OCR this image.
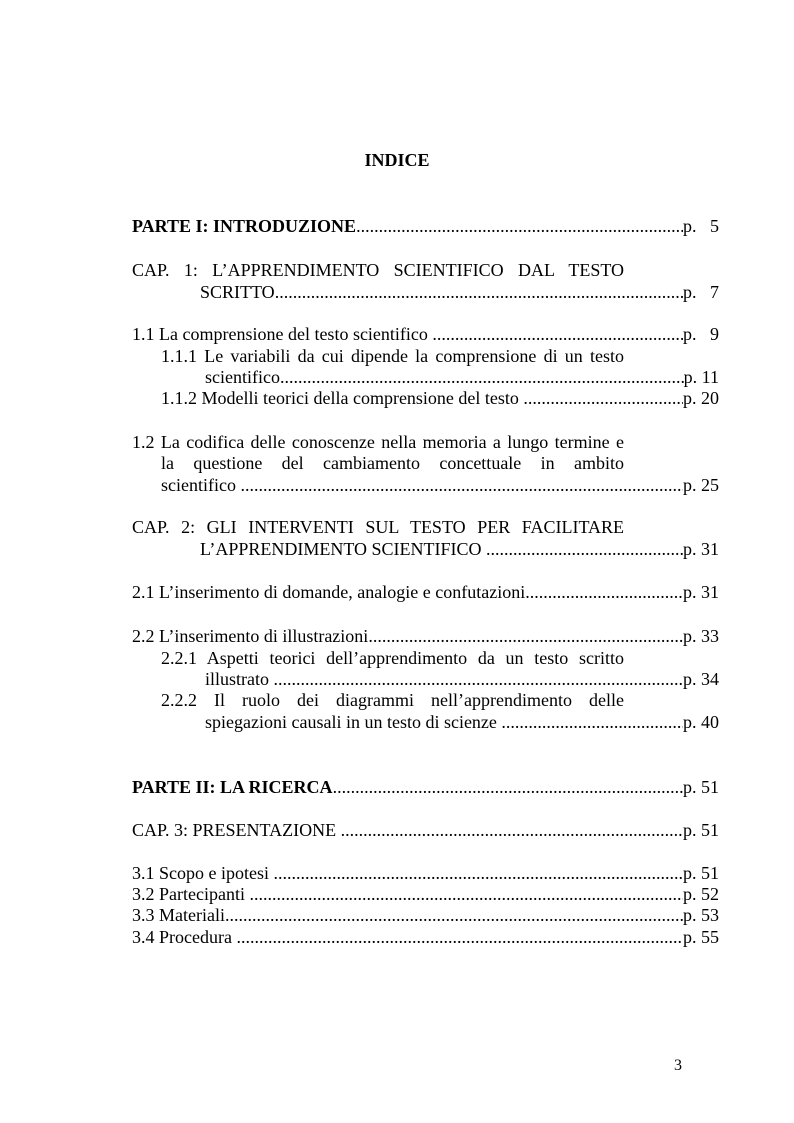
INDICE
PARTE I: INTRODUZIONE .....	p.   5
CAP. 1: L’APPRENDIMENTO SCIENTIFICO DAL TESTO
SCRITTO .....	p.   7
1.1 La comprensione del testo scientifico .....	p.   9
1.1.1 Le variabili da cui dipende la comprensione di un testo
scientifico .....	p. 11
1.1.2 Modelli teorici della comprensione del testo .....	p. 20
1.2 La codifica delle conoscenze nella memoria a lungo termine e
la questione del cambiamento concettuale in ambito
scientifico .....	p. 25
CAP. 2: GLI INTERVENTI SUL TESTO PER FACILITARE
L’APPRENDIMENTO SCIENTIFICO .....	p. 31
2.1 L’inserimento di domande, analogie e confutazioni .....	p. 31
2.2 L’inserimento di illustrazioni .....	p. 33
2.2.1 Aspetti teorici dell’apprendimento da un testo scritto
illustrato .....	p. 34
2.2.2 Il ruolo dei diagrammi nell’apprendimento delle
spiegazioni causali in un testo di scienze .....	p. 40
PARTE II: LA RICERCA .....	p. 51
CAP. 3: PRESENTAZIONE .....	p. 51
3.1 Scopo e ipotesi .....	p. 51
3.2 Partecipanti .....	p. 52
3.3 Materiali .....	p. 53
3.4 Procedura .....	p. 55
3
